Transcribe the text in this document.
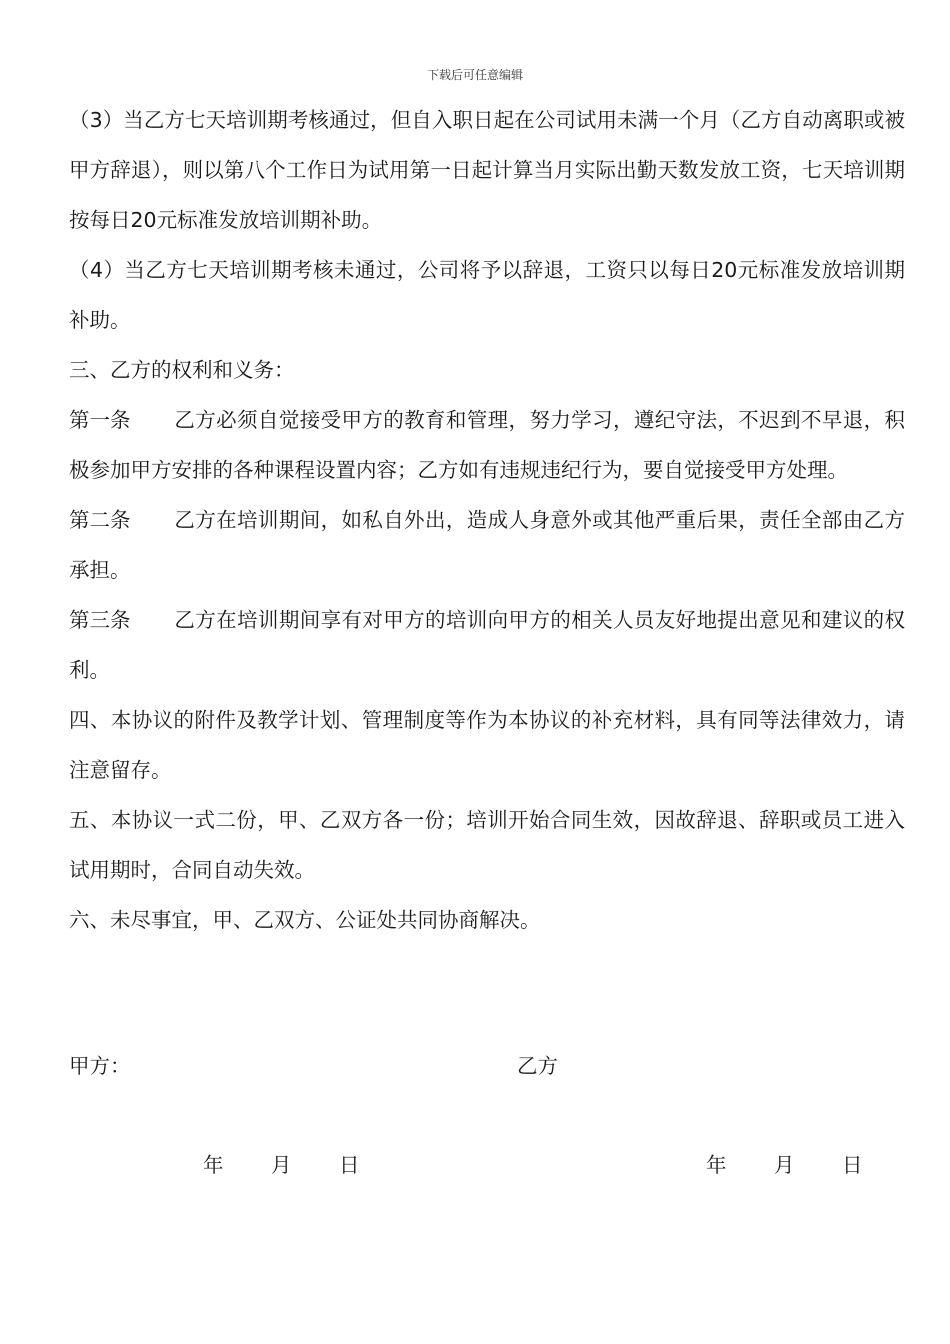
下载后可任意编辑

（3）当乙方七天培训期考核通过，但自入职日起在公司试用未满一个月（乙方自动离职或被甲方辞退），则以第八个工作日为试用第一日起计算当月实际出勤天数发放工资，七天培训期按每日20元标准发放培训期补助。

（4）当乙方七天培训期考核未通过，公司将予以辞退，工资只以每日20元标准发放培训期补助。

三、乙方的权利和义务：

第一条 乙方必须自觉接受甲方的教育和管理，努力学习，遵纪守法，不迟到不早退，积极参加甲方安排的各种课程设置内容；乙方如有违规违纪行为，要自觉接受甲方处理。

第二条 乙方在培训期间，如私自外出，造成人身意外或其他严重后果，责任全部由乙方承担。

第三条 乙方在培训期间享有对甲方的培训向甲方的相关人员友好地提出意见和建议的权利。

四、本协议的附件及教学计划、管理制度等作为本协议的补充材料，具有同等法律效力，请注意留存。

五、本协议一式二份，甲、乙双方各一份；培训开始合同生效，因故辞退、辞职或员工进入试用期时，合同自动失效。

六、未尽事宜，甲、乙双方、公证处共同协商解决。

甲方：	乙方
年 月 日	年 月 日
